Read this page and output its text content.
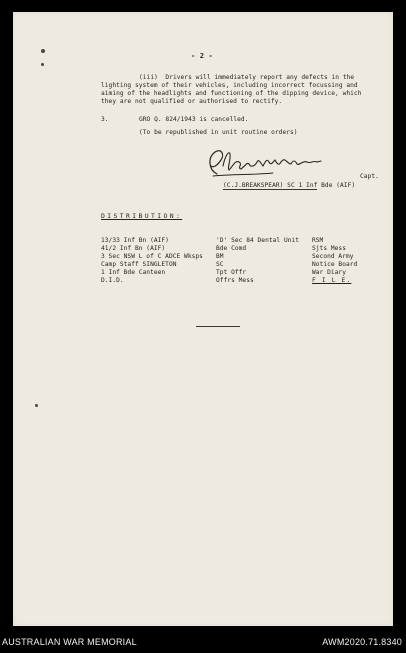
- 2 -
(iii)  Drivers will immediately report any defects in the
lighting system of their vehicles, including incorrect focussing and
aiming of the headlights and functioning of the dipping device, which
they are not qualified or authorised to rectify.
3.	GRO Q. 824/1943 is cancelled.
(To be republished in unit routine orders)
Capt.
(C.J.BREAKSPEAR) SC 1 Inf Bde (AIF)
DISTRIBUTION:
13/33 Inf Bn (AIF)
41/2 Inf Bn (AIF)
3 Sec NSW L of C ADCE Wksps
Camp Staff SINGLETON
1 Inf Bde Canteen
D.I.D.
'D' Sec 84 Dental Unit
Bde Comd
BM
SC
Tpt Offr
Offrs Mess
RSM
Sjts Mess
Second Army
Notice Board
War Diary
F I L E.
AUSTRALIAN WAR MEMORIAL	AWM2020.71.8340
